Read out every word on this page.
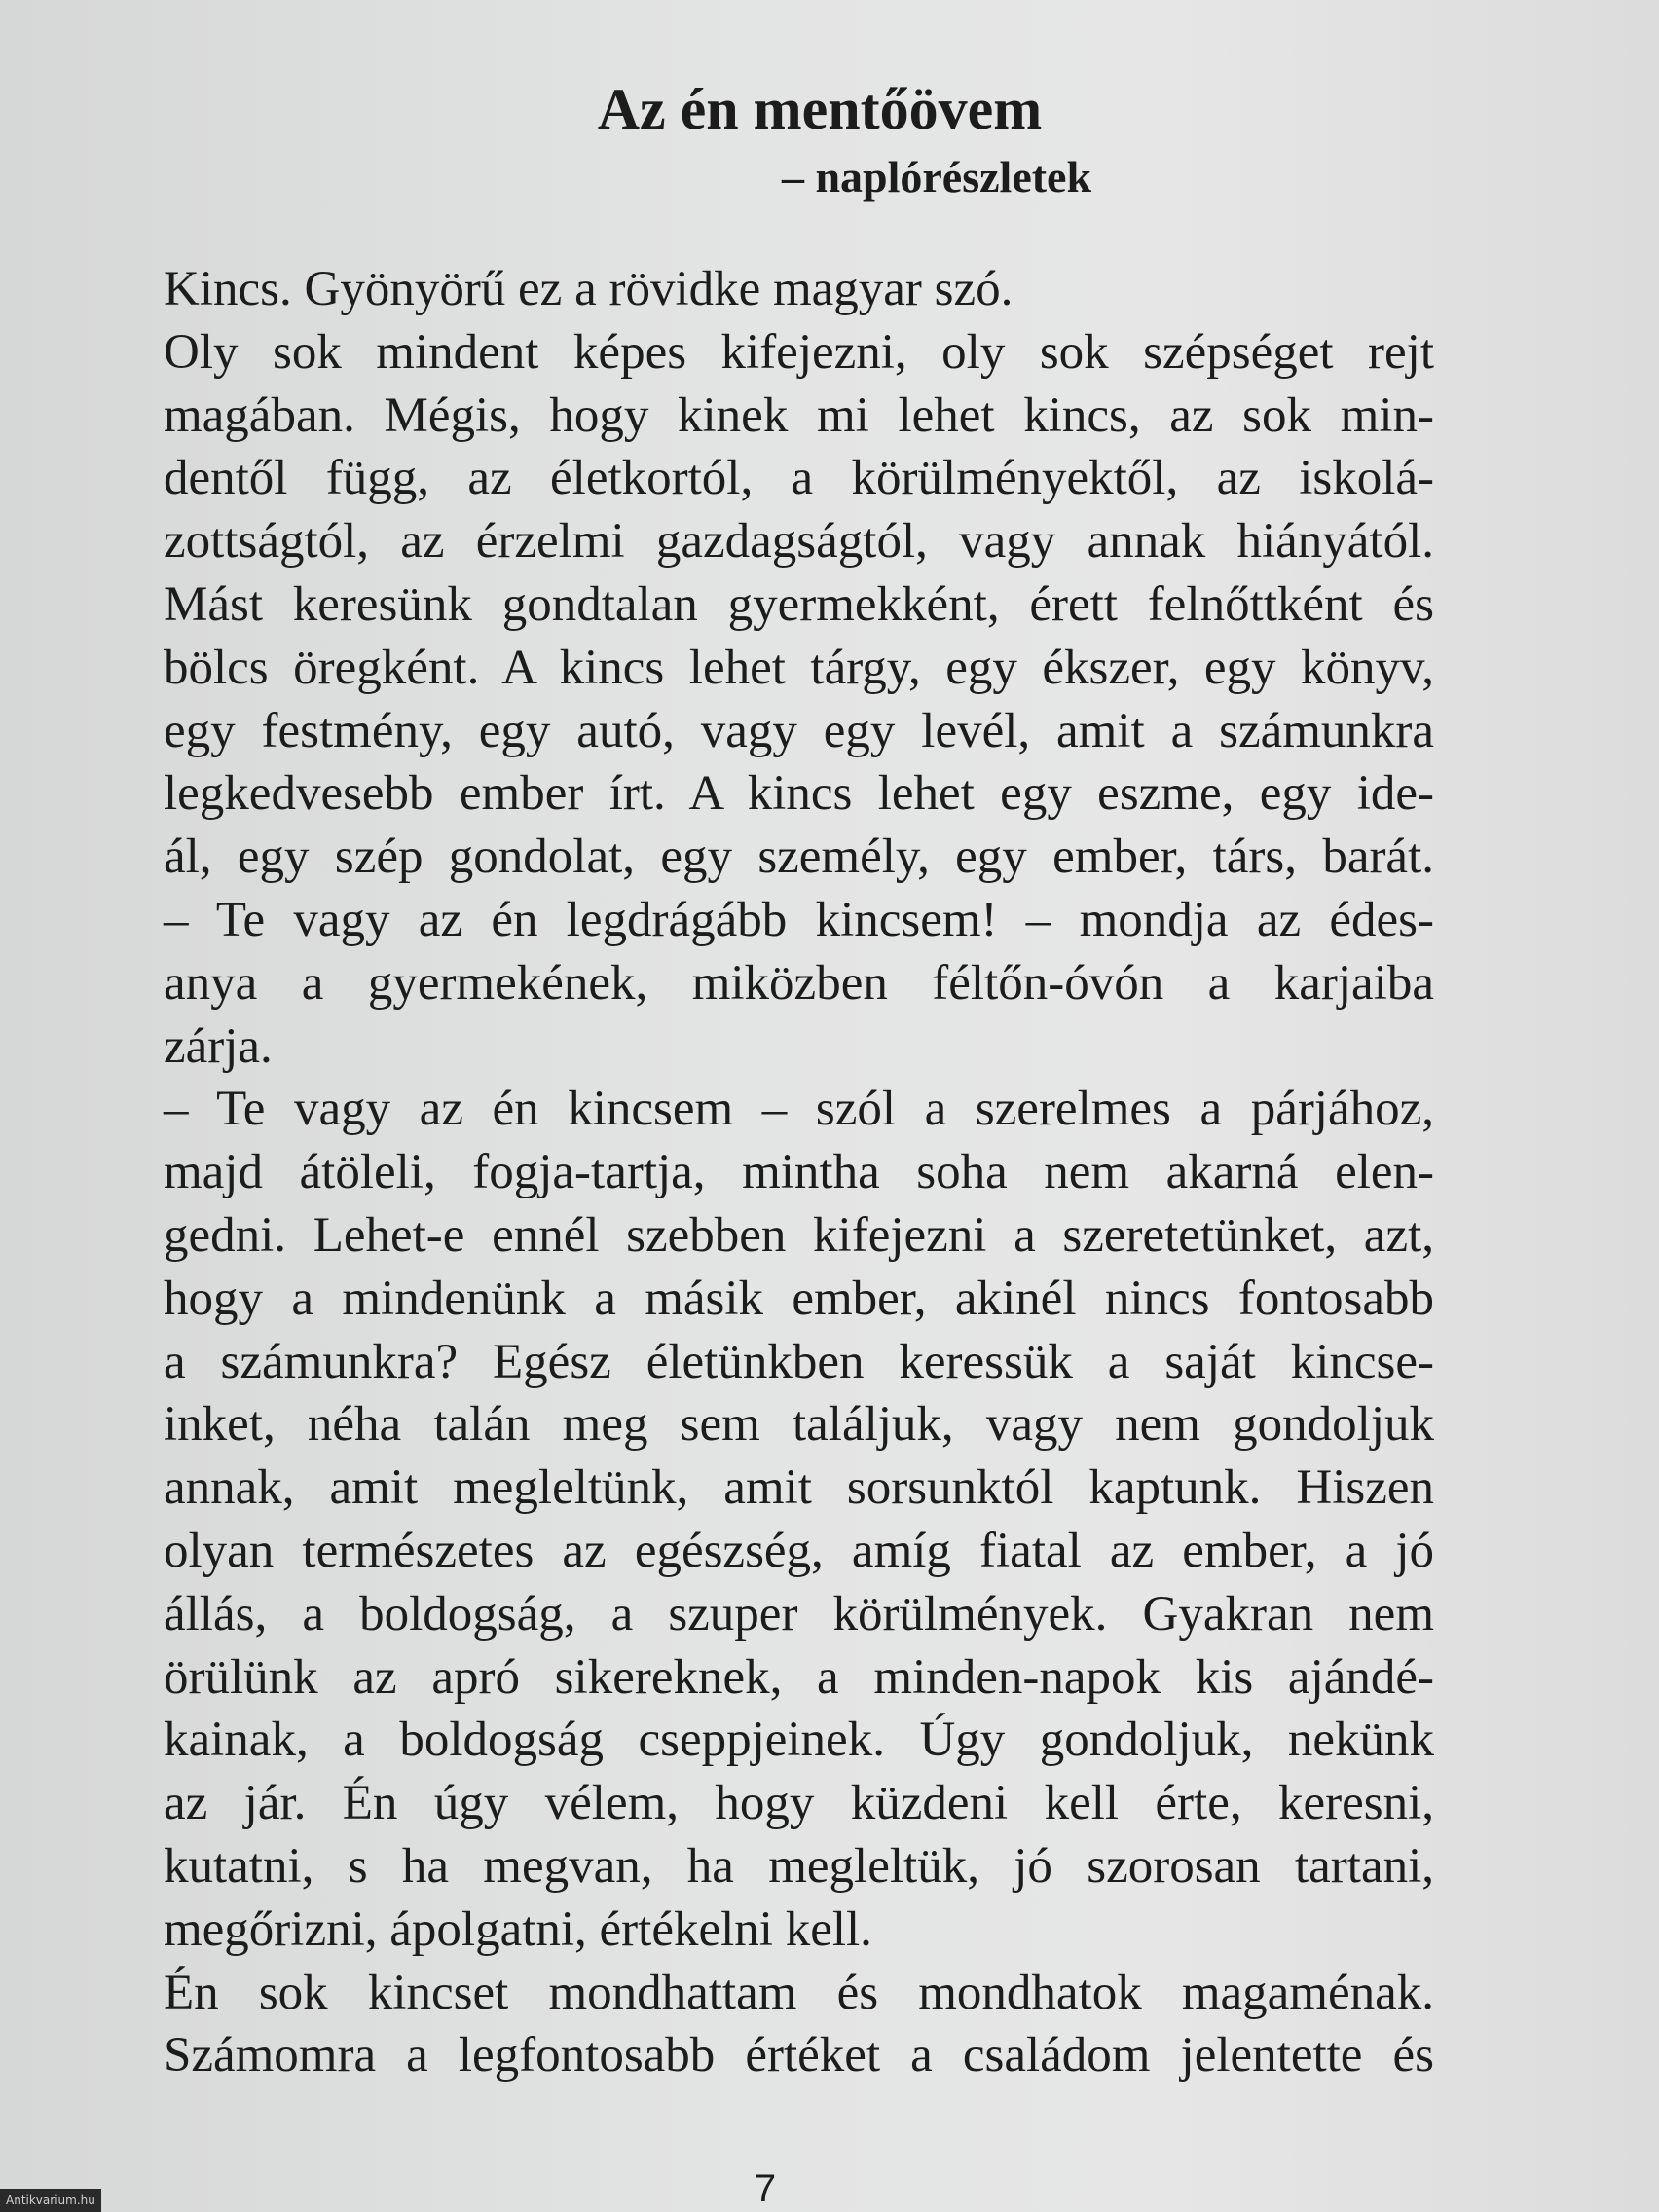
Az én mentőövem
– naplórészletek
Kincs. Gyönyörű ez a rövidke magyar szó.
Oly sok mindent képes kifejezni, oly sok szépséget rejt
magában. Mégis, hogy kinek mi lehet kincs, az sok min-
dentől függ, az életkortól, a körülményektől, az iskolá-
zottságtól, az érzelmi gazdagságtól, vagy annak hiányától.
Mást keresünk gondtalan gyermekként, érett felnőttként és
bölcs öregként. A kincs lehet tárgy, egy ékszer, egy könyv,
egy festmény, egy autó, vagy egy levél, amit a számunkra
legkedvesebb ember írt. A kincs lehet egy eszme, egy ide-
ál, egy szép gondolat, egy személy, egy ember, társ, barát.
– Te vagy az én legdrágább kincsem! – mondja az édes-
anya a gyermekének, miközben féltőn-óvón a karjaiba
zárja.
– Te vagy az én kincsem – szól a szerelmes a párjához,
majd átöleli, fogja-tartja, mintha soha nem akarná elen-
gedni. Lehet-e ennél szebben kifejezni a szeretetünket, azt,
hogy a mindenünk a másik ember, akinél nincs fontosabb
a számunkra? Egész életünkben keressük a saját kincse-
inket, néha talán meg sem találjuk, vagy nem gondoljuk
annak, amit megleltünk, amit sorsunktól kaptunk. Hiszen
olyan természetes az egészség, amíg fiatal az ember, a jó
állás, a boldogság, a szuper körülmények. Gyakran nem
örülünk az apró sikereknek, a minden-napok kis ajándé-
kainak, a boldogság cseppjeinek. Úgy gondoljuk, nekünk
az jár. Én úgy vélem, hogy küzdeni kell érte, keresni,
kutatni, s ha megvan, ha megleltük, jó szorosan tartani,
megőrizni, ápolgatni, értékelni kell.
Én sok kincset mondhattam és mondhatok magaménak.
Számomra a legfontosabb értéket a családom jelentette és
7
Antikvarium.hu
